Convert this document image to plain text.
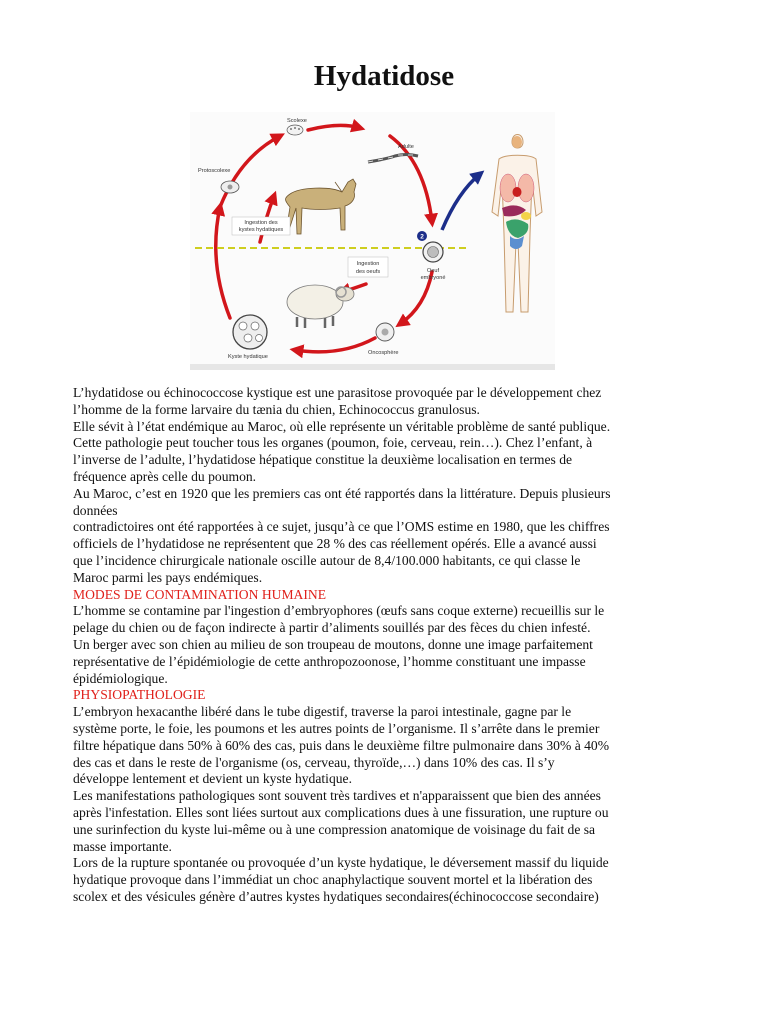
Hydatidose
2
Scolexe
Adulte
Protoscolexe
Ingestion des
kystes hydatiques
Ingestion
des oeufs	Oeuf
embryoné
Kyste hydatique
Oncosphère

L’hydatidose ou échinococcose kystique est une parasitose provoquée par le développement chez

l’homme de la forme larvaire du tænia du chien, Echinococcus granulosus.

Elle sévit à l’état endémique au Maroc, où elle représente un véritable problème de santé publique.

Cette pathologie peut toucher tous les organes (poumon, foie, cerveau, rein…). Chez l’enfant, à

l’inverse de l’adulte, l’hydatidose hépatique constitue la deuxième localisation en termes de

fréquence après celle du poumon.

Au Maroc, c’est en 1920 que les premiers cas ont été rapportés dans la littérature. Depuis plusieurs

données

contradictoires ont été rapportées à ce sujet, jusqu’à ce que l’OMS estime en 1980, que les chiffres

officiels de l’hydatidose ne représentent que 28 % des cas réellement opérés. Elle a avancé aussi

que l’incidence chirurgicale nationale oscille autour de 8,4/100.000 habitants, ce qui classe le

Maroc parmi les pays endémiques.

MODES DE CONTAMINATION HUMAINE

L’homme se contamine par l'ingestion d’embryophores (œufs sans coque externe) recueillis sur le

pelage du chien ou de façon indirecte à partir d’aliments souillés par des fèces du chien infesté.

Un berger avec son chien au milieu de son troupeau de moutons, donne une image parfaitement

représentative de l’épidémiologie de cette anthropozoonose, l’homme constituant une impasse

épidémiologique.

PHYSIOPATHOLOGIE

L’embryon hexacanthe libéré dans le tube digestif, traverse la paroi intestinale, gagne par le

système porte, le foie, les poumons et les autres points de l’organisme. Il s’arrête dans le premier

filtre hépatique dans 50% à 60% des cas, puis dans le deuxième filtre pulmonaire dans 30% à 40%

des cas et dans le reste de l'organisme (os, cerveau, thyroïde,…) dans 10% des cas. Il s’y

développe lentement et devient un kyste hydatique.

Les manifestations pathologiques sont souvent très tardives et n'apparaissent que bien des années

après l'infestation. Elles sont liées surtout aux complications dues à une fissuration, une rupture ou

une surinfection du kyste lui-même ou à une compression anatomique de voisinage du fait de sa

masse importante.

Lors de la rupture spontanée ou provoquée d’un kyste hydatique, le déversement massif du liquide

hydatique provoque dans l’immédiat un choc anaphylactique souvent mortel et la libération des

scolex et des vésicules génère d’autres kystes hydatiques secondaires(échinococcose secondaire)
